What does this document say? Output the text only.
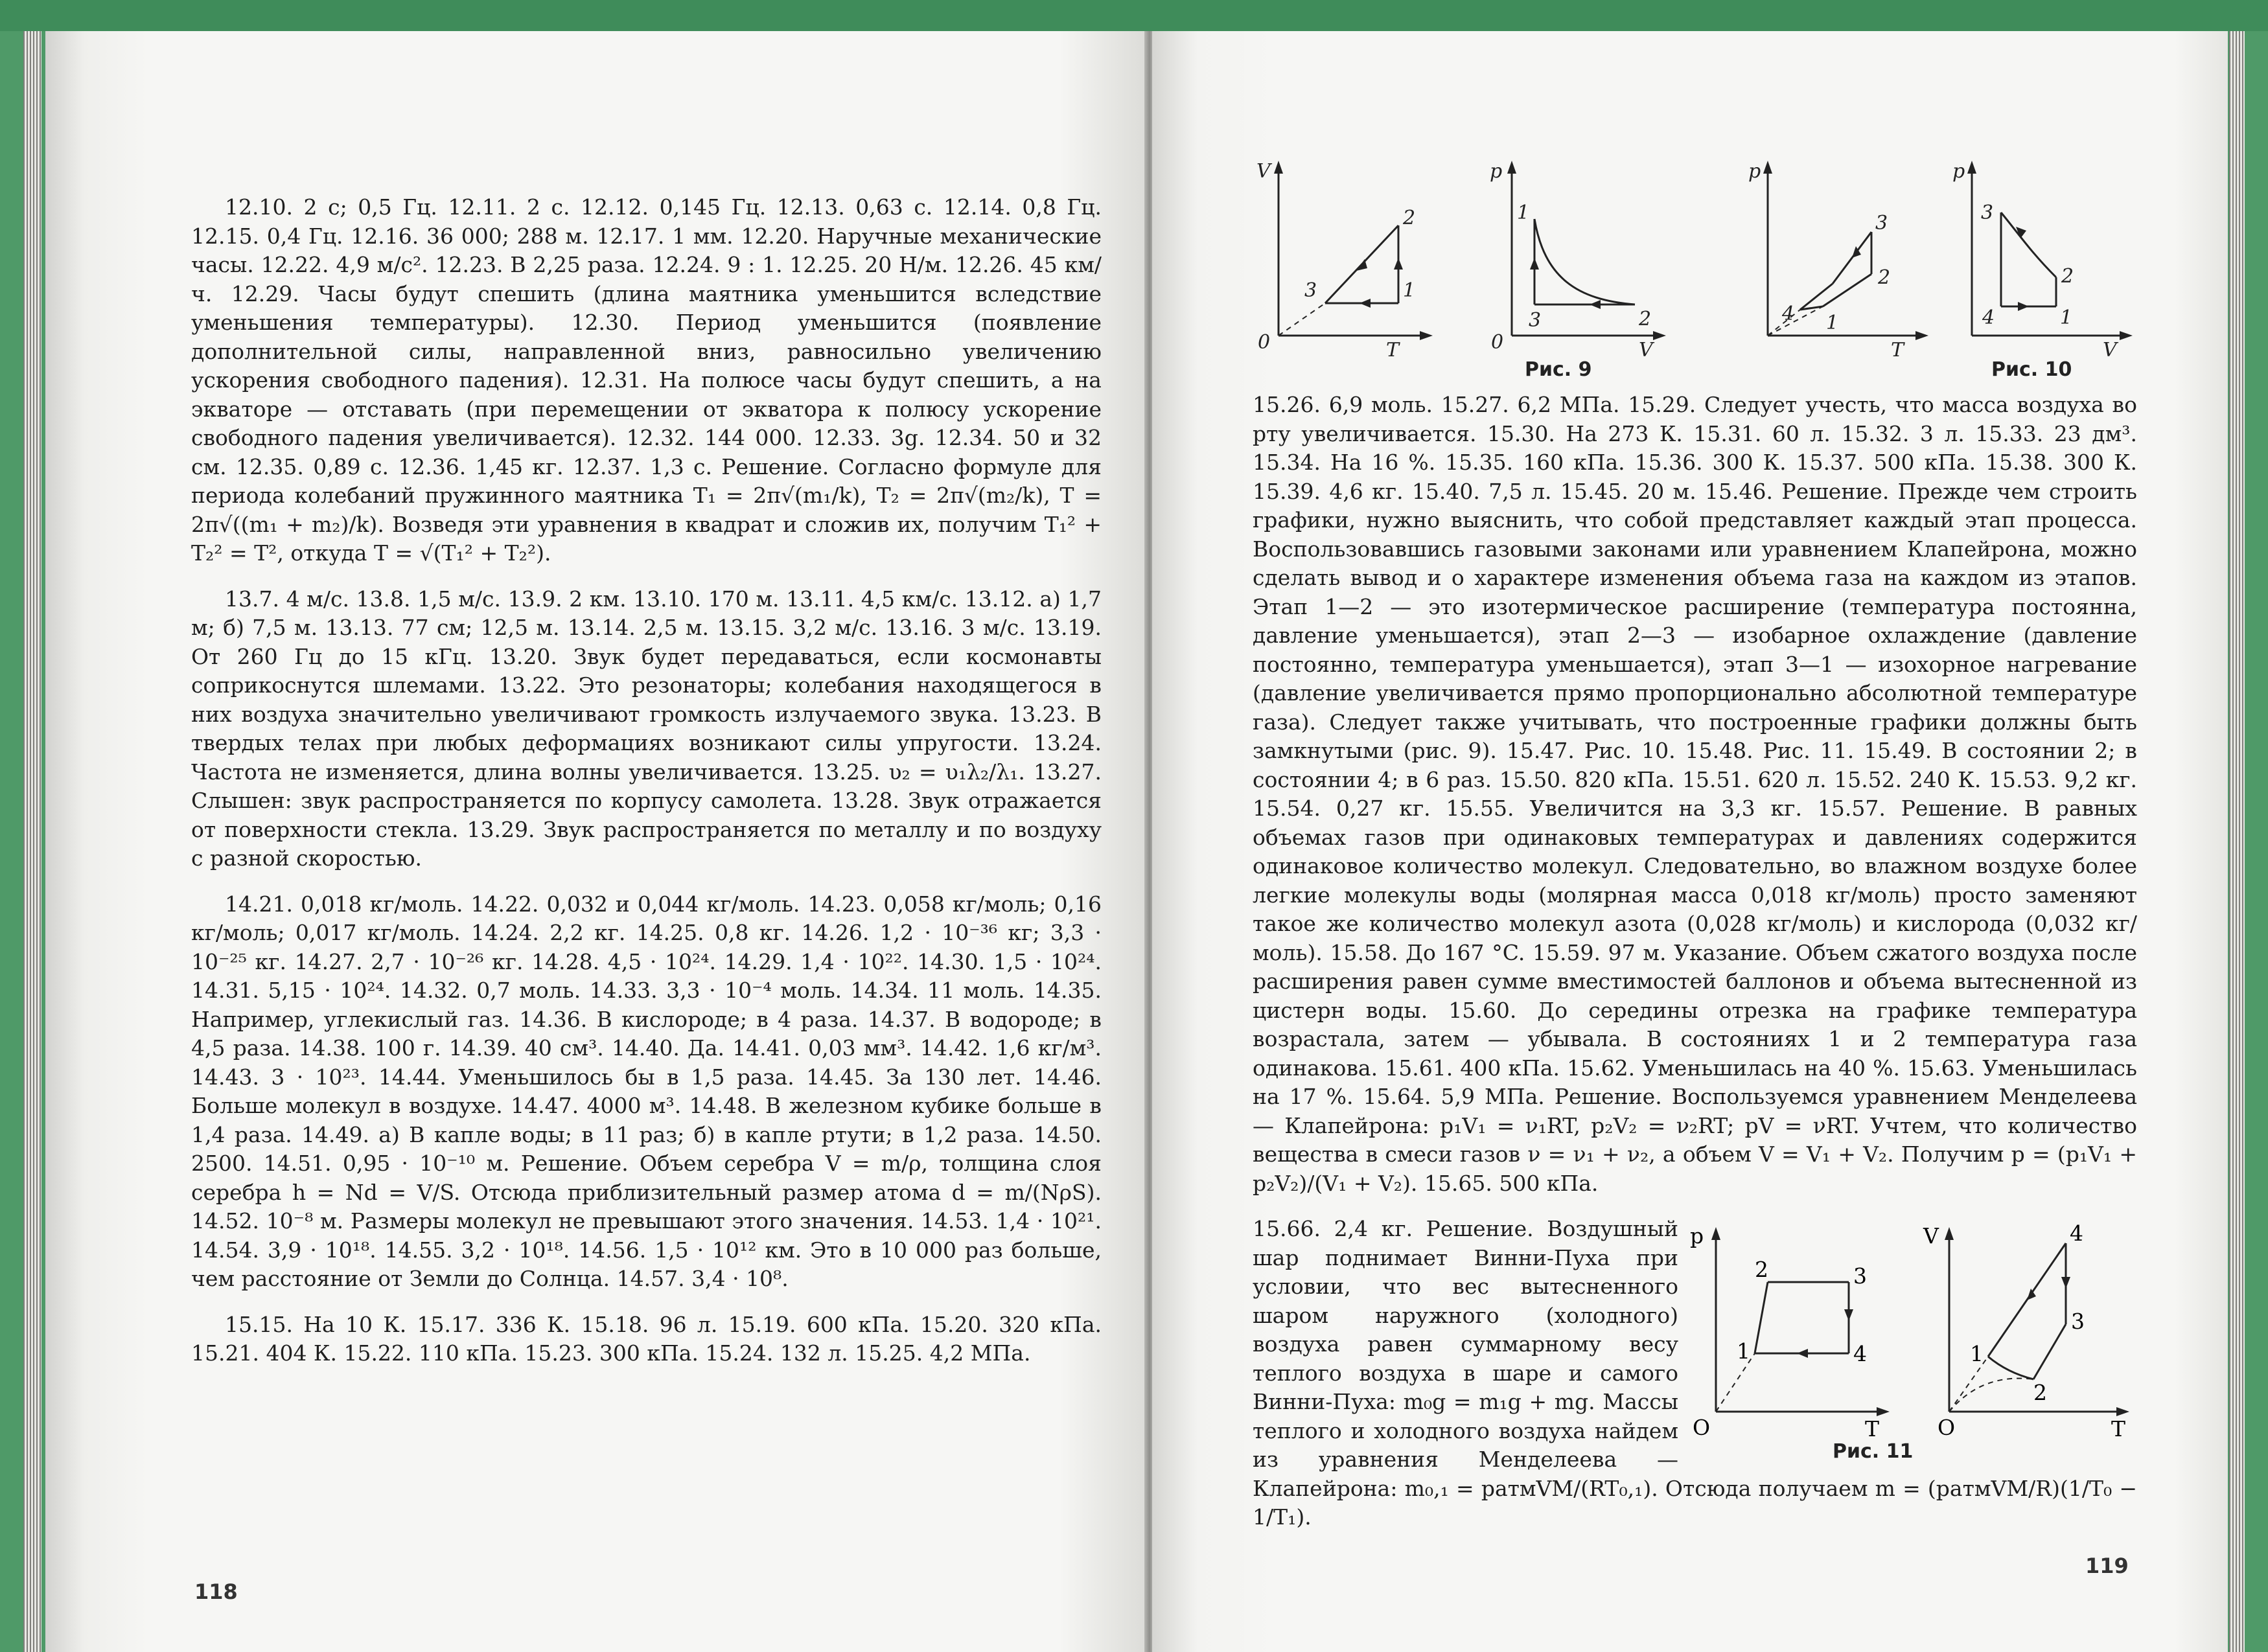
12.10. 2 с; 0,5 Гц. 12.11. 2 с. 12.12. 0,145 Гц. 12.13. 0,63 с. 12.14. 0,8 Гц. 12.15. 0,4 Гц. 12.16. 36 000; 288 м. 12.17. 1 мм. 12.20. Наручные механические часы. 12.22. 4,9 м/с². 12.23. В 2,25 раза. 12.24. 9 : 1. 12.25. 20 Н/м. 12.26. 45 км/ч. 12.29. Часы будут спешить (длина маятника уменьшится вследствие уменьшения температуры). 12.30. Период уменьшится (появление дополнительной силы, направленной вниз, равносильно увеличению ускорения свободного падения). 12.31. На полюсе часы будут спешить, а на экваторе — отставать (при перемещении от экватора к полюсу ускорение свободного падения увеличивается). 12.32. 144 000. 12.33. 3g. 12.34. 50 и 32 см. 12.35. 0,89 с. 12.36. 1,45 кг. 12.37. 1,3 с. Решение. Согласно формуле для периода колебаний пружинного маятника T₁ = 2π√(m₁/k), T₂ = 2π√(m₂/k), T = 2π√((m₁ + m₂)/k). Возведя эти уравнения в квадрат и сложив их, получим T₁² + T₂² = T², откуда T = √(T₁² + T₂²).

13.7. 4 м/с. 13.8. 1,5 м/с. 13.9. 2 км. 13.10. 170 м. 13.11. 4,5 км/с. 13.12. а) 1,7 м; б) 7,5 м. 13.13. 77 см; 12,5 м. 13.14. 2,5 м. 13.15. 3,2 м/с. 13.16. 3 м/с. 13.19. От 260 Гц до 15 кГц. 13.20. Звук будет передаваться, если космонавты соприкоснутся шлемами. 13.22. Это резонаторы; колебания находящегося в них воздуха значительно увеличивают громкость излучаемого звука. 13.23. В твердых телах при любых деформациях возникают силы упругости. 13.24. Частота не изменяется, длина волны увеличивается. 13.25. υ₂ = υ₁λ₂/λ₁. 13.27. Слышен: звук распространяется по корпусу самолета. 13.28. Звук отражается от поверхности стекла. 13.29. Звук распространяется по металлу и по воздуху с разной скоростью.

14.21. 0,018 кг/моль. 14.22. 0,032 и 0,044 кг/моль. 14.23. 0,058 кг/моль; 0,16 кг/моль; 0,017 кг/моль. 14.24. 2,2 кг. 14.25. 0,8 кг. 14.26. 1,2 · 10⁻³⁶ кг; 3,3 · 10⁻²⁵ кг. 14.27. 2,7 · 10⁻²⁶ кг. 14.28. 4,5 · 10²⁴. 14.29. 1,4 · 10²². 14.30. 1,5 · 10²⁴. 14.31. 5,15 · 10²⁴. 14.32. 0,7 моль. 14.33. 3,3 · 10⁻⁴ моль. 14.34. 11 моль. 14.35. Например, углекислый газ. 14.36. В кислороде; в 4 раза. 14.37. В водороде; в 4,5 раза. 14.38. 100 г. 14.39. 40 см³. 14.40. Да. 14.41. 0,03 мм³. 14.42. 1,6 кг/м³. 14.43. 3 · 10²³. 14.44. Уменьшилось бы в 1,5 раза. 14.45. За 130 лет. 14.46. Больше молекул в воздухе. 14.47. 4000 м³. 14.48. В железном кубике больше в 1,4 раза. 14.49. а) В капле воды; в 11 раз; б) в капле ртути; в 1,2 раза. 14.50. 2500. 14.51. 0,95 · 10⁻¹⁰ м. Решение. Объем серебра V = m/ρ, толщина слоя серебра h = Nd = V/S. Отсюда приблизительный размер атома d = m/(NρS). 14.52. 10⁻⁸ м. Размеры молекул не превышают этого значения. 14.53. 1,4 · 10²¹. 14.54. 3,9 · 10¹⁸. 14.55. 3,2 · 10¹⁸. 14.56. 1,5 · 10¹² км. Это в 10 000 раз больше, чем расстояние от Земли до Солнца. 14.57. 3,4 · 10⁸.

15.15. На 10 К. 15.17. 336 К. 15.18. 96 л. 15.19. 600 кПа. 15.20. 320 кПа. 15.21. 404 К. 15.22. 110 кПа. 15.23. 300 кПа. 15.24. 132 л. 15.25. 4,2 МПа.

118
V
T
0
1
2
3
p
V
0
1
2
3
Рис. 9
p
T
1
2
3
4
p
V
1
2
3
4
Рис. 10

15.26. 6,9 моль. 15.27. 6,2 МПа. 15.29. Следует учесть, что масса воздуха во рту увеличивается. 15.30. На 273 К. 15.31. 60 л. 15.32. 3 л. 15.33. 23 дм³. 15.34. На 16 %. 15.35. 160 кПа. 15.36. 300 К. 15.37. 500 кПа. 15.38. 300 К. 15.39. 4,6 кг. 15.40. 7,5 л. 15.45. 20 м. 15.46. Решение. Прежде чем строить графики, нужно выяснить, что собой представляет каждый этап процесса. Воспользовавшись газовыми законами или уравнением Клапейрона, можно сделать вывод и о характере изменения объема газа на каждом из этапов. Этап 1—2 — это изотермическое расширение (температура постоянна, давление уменьшается), этап 2—3 — изобарное охлаждение (давление постоянно, температура уменьшается), этап 3—1 — изохорное нагревание (давление увеличивается прямо пропорционально абсолютной температуре газа). Следует также учитывать, что построенные графики должны быть замкнутыми (рис. 9). 15.47. Рис. 10. 15.48. Рис. 11. 15.49. В состоянии 2; в состоянии 4; в 6 раз. 15.50. 820 кПа. 15.51. 620 л. 15.52. 240 К. 15.53. 9,2 кг. 15.54. 0,27 кг. 15.55. Увеличится на 3,3 кг. 15.57. Решение. В равных объемах газов при одинаковых температурах и давлениях содержится одинаковое количество молекул. Следовательно, во влажном воздухе более легкие молекулы воды (молярная масса 0,018 кг/моль) просто заменяют такое же количество молекул азота (0,028 кг/моль) и кислорода (0,032 кг/моль). 15.58. До 167 °C. 15.59. 97 м. Указание. Объем сжатого воздуха после расширения равен сумме вместимостей баллонов и объема вытесненной из цистерн воды. 15.60. До середины отрезка на графике температура возрастала, затем — убывала. В состояниях 1 и 2 температура газа одинакова. 15.61. 400 кПа. 15.62. Уменьшилась на 40 %. 15.63. Уменьшилась на 17 %. 15.64. 5,9 МПа. Решение. Воспользуемся уравнением Менделеева — Клапейрона: p₁V₁ = ν₁RT, p₂V₂ = ν₂RT; pV = νRT. Учтем, что количество вещества в смеси газов ν = ν₁ + ν₂, а объем V = V₁ + V₂. Получим p = (p₁V₁ + p₂V₂)/(V₁ + V₂). 15.65. 500 кПа.

p
T
O
1
2	3
4
V
T
O
1
2
3
4
Рис. 11

15.66. 2,4 кг. Решение. Воздушный шар поднимает Винни-Пуха при условии, что вес вытесненного шаром наружного (холодного) воздуха равен суммарному весу теплого воздуха в шаре и самого Винни-Пуха: m₀g = m₁g + mg. Массы теплого и холодного воздуха найдем из уравнения Менделеева — Клапейрона: m₀,₁ = pатмVM/(RT₀,₁). Отсюда получаем m = (pатмVM/R)(1/T₀ − 1/T₁).

119
